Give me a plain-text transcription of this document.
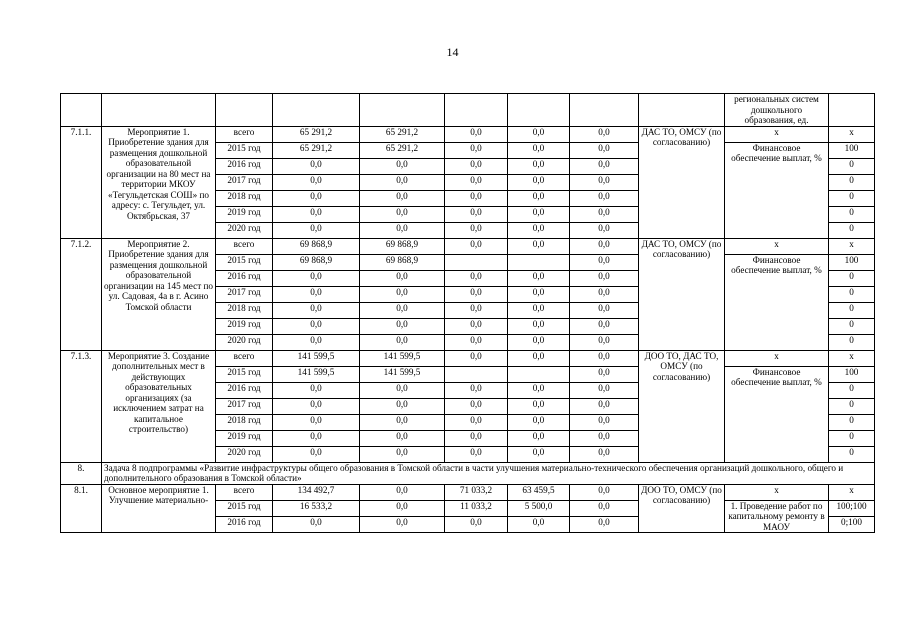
14
									региональных систем дошкольного образования, ед.	
7.1.1.	Мероприятие 1. Приобретение здания для размещения дошкольной образовательной организации на 80 мест на территории МКОУ «Тегульдетская СОШ» по адресу: с. Тегульдет, ул. Октябрьская, 37	всего	65 291,2	65 291,2	0,0	0,0	0,0	ДАС ТО, ОМСУ (по согласованию)	х	х
		2015 год	65 291,2	65 291,2	0,0	0,0	0,0		Финансовое обеспечение выплат, %	100
		2016 год	0,0	0,0	0,0	0,0	0,0			0
		2017 год	0,0	0,0	0,0	0,0	0,0			0
		2018 год	0,0	0,0	0,0	0,0	0,0			0
		2019 год	0,0	0,0	0,0	0,0	0,0			0
		2020 год	0,0	0,0	0,0	0,0	0,0			0
7.1.2.	Мероприятие 2. Приобретение здания для размещения дошкольной образовательной организации на 145 мест по ул. Садовая, 4а в г. Асино Томской области	всего	69 868,9	69 868,9	0,0	0,0	0,0	ДАС ТО, ОМСУ (по согласованию)	х	х
		2015 год	69 868,9	69 868,9			0,0		Финансовое обеспечение выплат, %	100
		2016 год	0,0	0,0	0,0	0,0	0,0			0
		2017 год	0,0	0,0	0,0	0,0	0,0			0
		2018 год	0,0	0,0	0,0	0,0	0,0			0
		2019 год	0,0	0,0	0,0	0,0	0,0			0
		2020 год	0,0	0,0	0,0	0,0	0,0			0
7.1.3.	Мероприятие 3. Создание дополнительных мест в действующих образовательных организациях (за исключением затрат на капитальное строительство)	всего	141 599,5	141 599,5	0,0	0,0	0,0	ДОО ТО, ДАС ТО, ОМСУ (по согласованию)	х	х
		2015 год	141 599,5	141 599,5			0,0		Финансовое обеспечение выплат, %	100
		2016 год	0,0	0,0	0,0	0,0	0,0			0
		2017 год	0,0	0,0	0,0	0,0	0,0			0
		2018 год	0,0	0,0	0,0	0,0	0,0			0
		2019 год	0,0	0,0	0,0	0,0	0,0			0
		2020 год	0,0	0,0	0,0	0,0	0,0			0
8.	Задача 8 подпрограммы «Развитие инфраструктуры общего образования в Томской области в части улучшения материально-технического обеспечения организаций дошкольного, общего и дополнительного образования в Томской области»									
8.1.	Основное мероприятие 1. Улучшение материально-	всего	134 492,7	0,0	71 033,2	63 459,5	0,0	ДОО ТО, ОМСУ (по согласованию)	х	х
		2015 год	16 533,2	0,0	11 033,2	5 500,0	0,0		1. Проведение работ по капитальному ремонту в МАОУ	100;100
		2016 год	0,0	0,0	0,0	0,0	0,0			0;100
